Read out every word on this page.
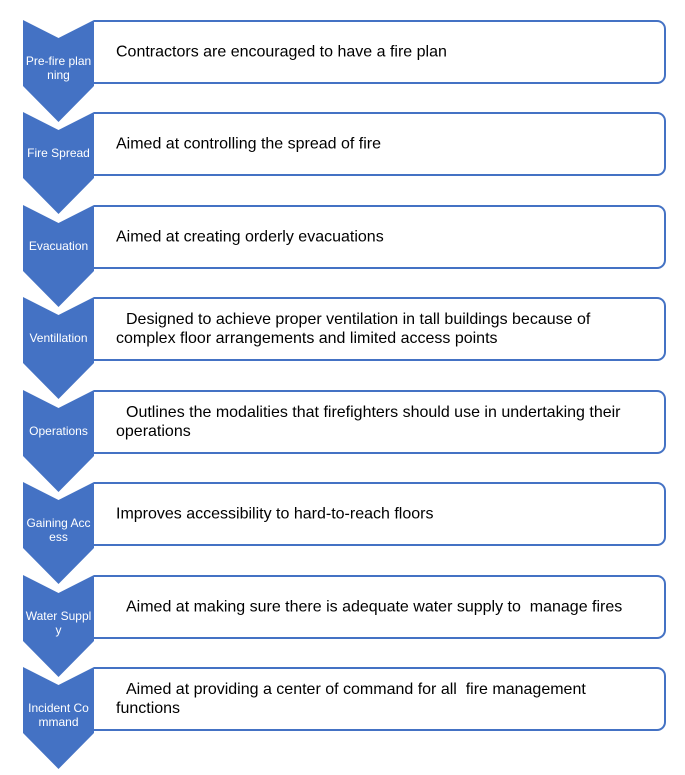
Pre-fire planning
Contractors are encouraged to have a fire plan
Fire Spread
Aimed at controlling the spread of fire
Evacuation
Aimed at creating orderly evacuations
Ventillation
Designed to achieve proper ventilation in tall buildings because of complex floor arrangements and limited access points
Operations
Outlines the modalities that firefighters should use in undertaking their operations
Gaining Access
Improves accessibility to hard-to-reach floors
Water Supply
Aimed at making sure there is adequate water supply to  manage fires
Incident Command
Aimed at providing a center of command for all  fire management functions
